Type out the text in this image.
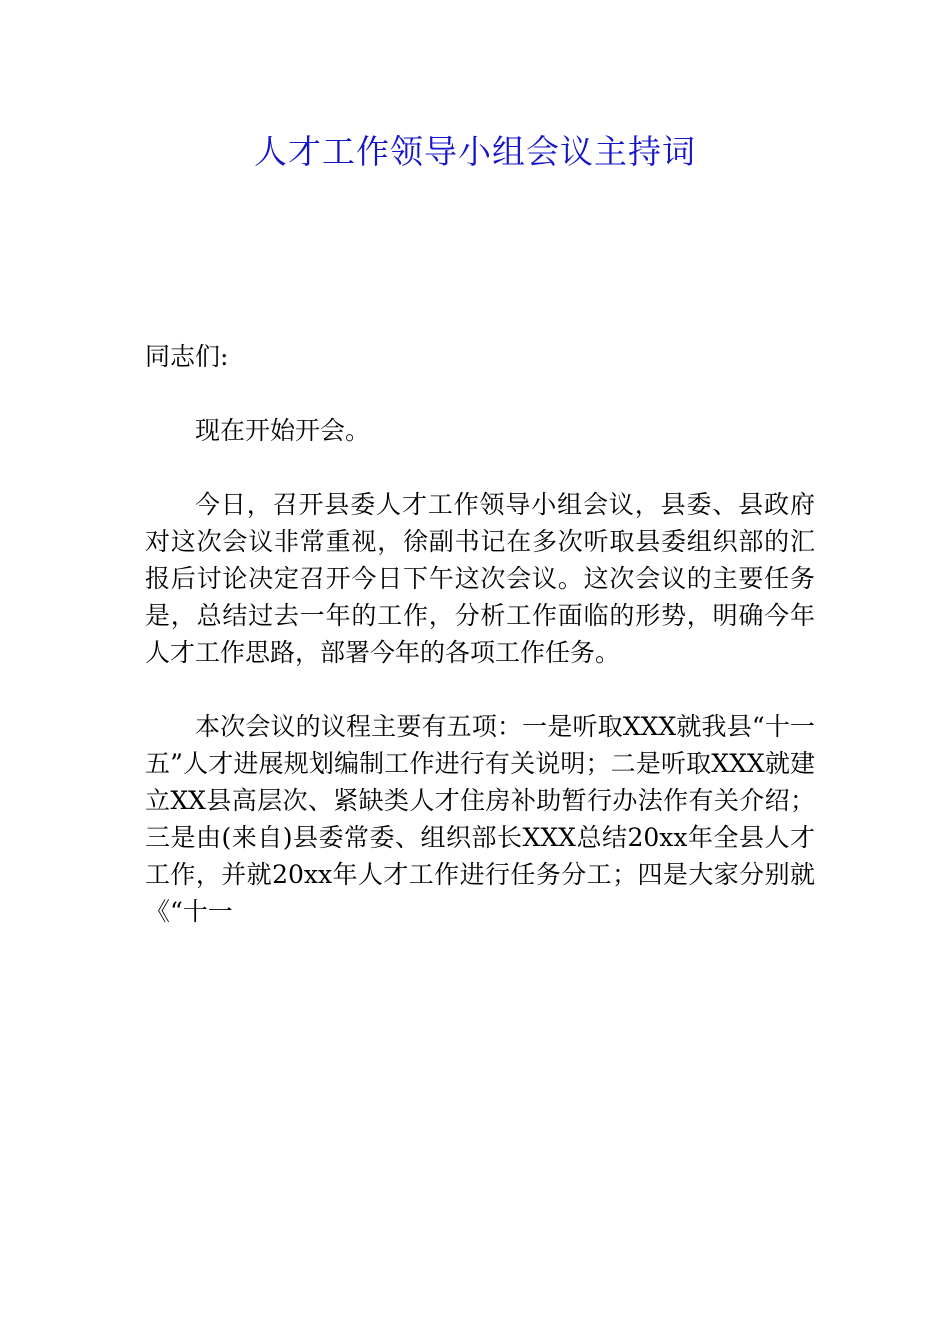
人才工作领导小组会议主持词

同志们:

现在开始开会。

今日，召开县委人才工作领导小组会议，县委、县政府对这次会议非常重视，徐副书记在多次听取县委组织部的汇报后讨论决定召开今日下午这次会议。这次会议的主要任务是，总结过去一年的工作，分析工作面临的形势，明确今年人才工作思路，部署今年的各项工作任务。

本次会议的议程主要有五项：一是听取XXX就我县“十一五”人才进展规划编制工作进行有关说明；二是听取XXX就建立XX县高层次、紧缺类人才住房补助暂行办法作有关介绍；三是由(来自)县委常委、组织部长XXX总结20xx年全县人才工作，并就20xx年人才工作进行任务分工；四是大家分别就《“十一
